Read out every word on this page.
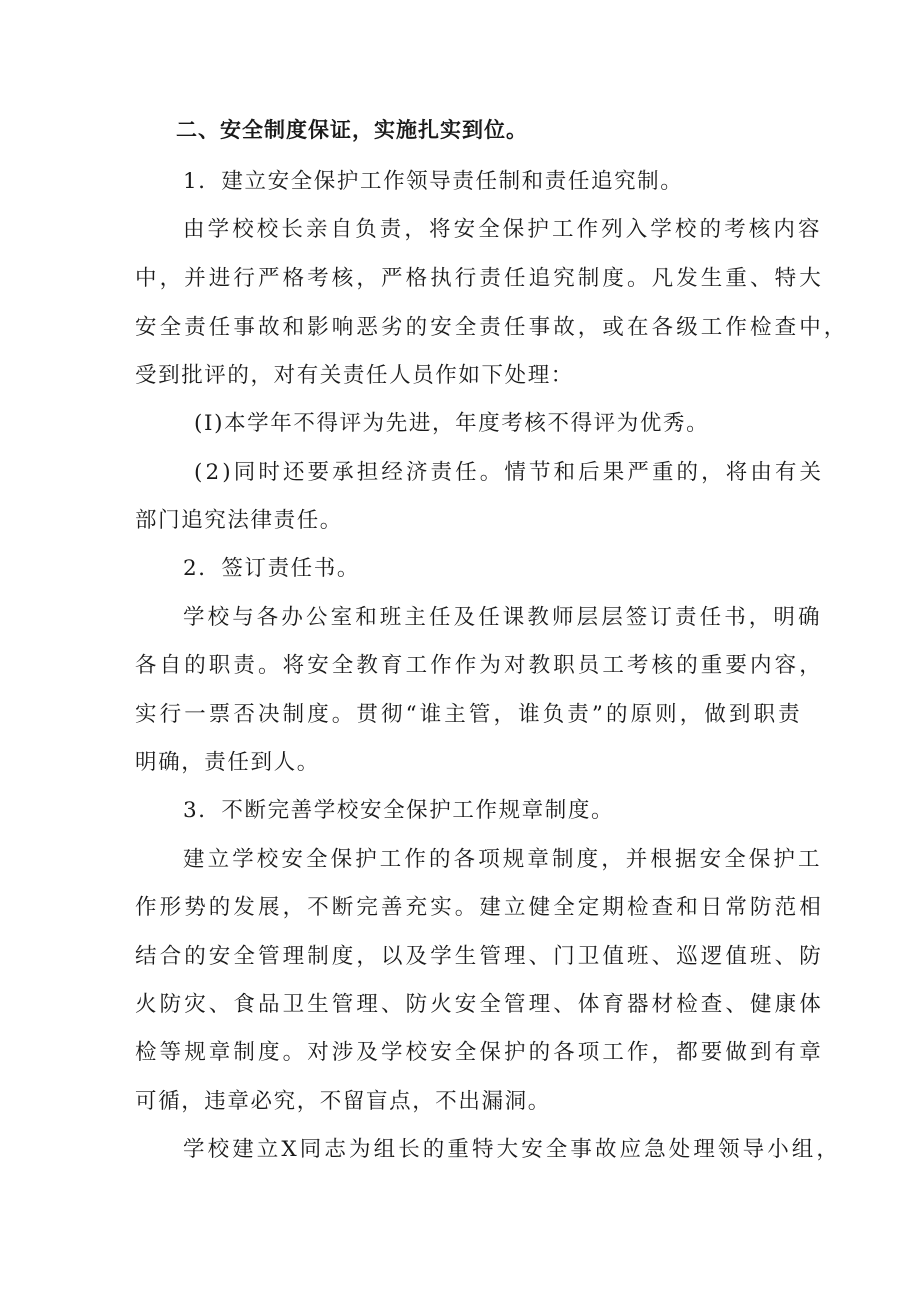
二、安全制度保证，实施扎实到位。
1．建立安全保护工作领导责任制和责任追究制。
由学校校长亲自负责，将安全保护工作列入学校的考核内容
中，并进行严格考核，严格执行责任追究制度。凡发生重、特大
安全责任事故和影响恶劣的安全责任事故，或在各级工作检查中，
受到批评的，对有关责任人员作如下处理：
(I)本学年不得评为先进，年度考核不得评为优秀。
(2)同时还要承担经济责任。情节和后果严重的，将由有关
部门追究法律责任。
2．签订责任书。
学校与各办公室和班主任及任课教师层层签订责任书，明确
各自的职责。将安全教育工作作为对教职员工考核的重要内容，
实行一票否决制度。贯彻“谁主管，谁负责”的原则，做到职责
明确，责任到人。
3．不断完善学校安全保护工作规章制度。
建立学校安全保护工作的各项规章制度，并根据安全保护工
作形势的发展，不断完善充实。建立健全定期检查和日常防范相
结合的安全管理制度，以及学生管理、门卫值班、巡逻值班、防
火防灾、食品卫生管理、防火安全管理、体育器材检查、健康体
检等规章制度。对涉及学校安全保护的各项工作，都要做到有章
可循，违章必究，不留盲点，不出漏洞。
学校建立X同志为组长的重特大安全事故应急处理领导小组，
